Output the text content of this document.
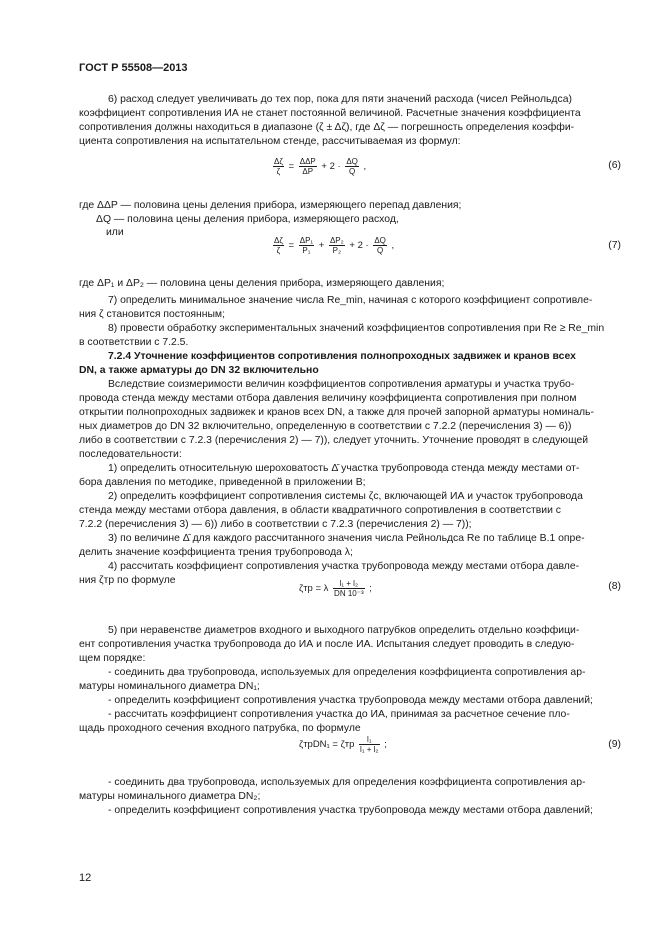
ГОСТ Р 55508—2013
6) расход следует увеличивать до тех пор, пока для пяти значений расхода (чисел Рейнольдса)
коэффициент сопротивления ИА не станет постоянной величиной. Расчетные значения коэффициента
сопротивления должны находиться в диапазоне (ζ ± Δζ), где Δζ — погрешность определения коэффи-
циента сопротивления на испытательном стенде, рассчитываемая из формул:
где ΔΔP — половина цены деления прибора, измеряющего перепад давления;
ΔQ — половина цены деления прибора, измеряющего расход,
или
где ΔP₁ и ΔP₂ — половина цены деления прибора, измеряющего давления;
7) определить минимальное значение числа Re_min, начиная с которого коэффициент сопротивле-
ния ζ становится постоянным;
8) провести обработку экспериментальных значений коэффициентов сопротивления при Re ≥ Re_min
в соответствии с 7.2.5.
7.2.4 Уточнение коэффициентов сопротивления полнопроходных задвижек и кранов всех
DN, а также арматуры до DN 32 включительно
Вследствие соизмеримости величин коэффициентов сопротивления арматуры и участка трубо-
провода стенда между местами отбора давления величину коэффициента сопротивления при полном
открытии полнопроходных задвижек и кранов всех DN, а также для прочей запорной арматуры номиналь-
ных диаметров до DN 32 включительно, определенную в соответствии с 7.2.2 (перечисления 3) — 6))
либо в соответствии с 7.2.3 (перечисления 2) — 7)), следует уточнить. Уточнение проводят в следующей
последовательности:
1) определить относительную шероховатость Δ̄ участка трубопровода стенда между местами от-
бора давления по методике, приведенной в приложении В;
2) определить коэффициент сопротивления системы ζс, включающей ИА и участок трубопровода
стенда между местами отбора давления, в области квадратичного сопротивления в соответствии с
7.2.2 (перечисления 3) — 6)) либо в соответствии с 7.2.3 (перечисления 2) — 7));
3) по величине Δ̄ для каждого рассчитанного значения числа Рейнольдса Re по таблице В.1 опре-
делить значение коэффициента трения трубопровода λ;
4) рассчитать коэффициент сопротивления участка трубопровода между местами отбора давле-
ния ζтр по формуле
5) при неравенстве диаметров входного и выходного патрубков определить отдельно коэффици-
ент сопротивления участка трубопровода до ИА и после ИА. Испытания следует проводить в следую-
щем порядке:
- соединить два трубопровода, используемых для определения коэффициента сопротивления ар-
матуры номинального диаметра DN₁;
- определить коэффициент сопротивления участка трубопровода между местами отбора давлений;
- рассчитать коэффициент сопротивления участка до ИА, принимая за расчетное сечение пло-
щадь проходного сечения входного патрубка, по формуле
- соединить два трубопровода, используемых для определения коэффициента сопротивления ар-
матуры номинального диаметра DN₂;
- определить коэффициент сопротивления участка трубопровода между местами отбора давлений;
$\frac{\Delta\zeta}{\zeta} = \frac{\text{ΔΔP}}{\Delta P} + 2 \cdot \frac{\Delta Q}{Q}$ ,	(6)
$\frac{\Delta\zeta}{\zeta} = \frac{\text{ΔP₁}}{\text{P₁}} + \frac{\text{ΔP₂}}{\text{P₂}} + 2 \cdot \frac{\Delta Q}{Q}$ ,	(7)
ζтр = λ $\frac{\text{l₁ + l₂}}{\text{DN 10⁻³}}$ ;	(8)
ζтрDN₁ = ζтр $\frac{\text{l₁}}{\text{l₁ + l₂}}$ ;	(9)
12
